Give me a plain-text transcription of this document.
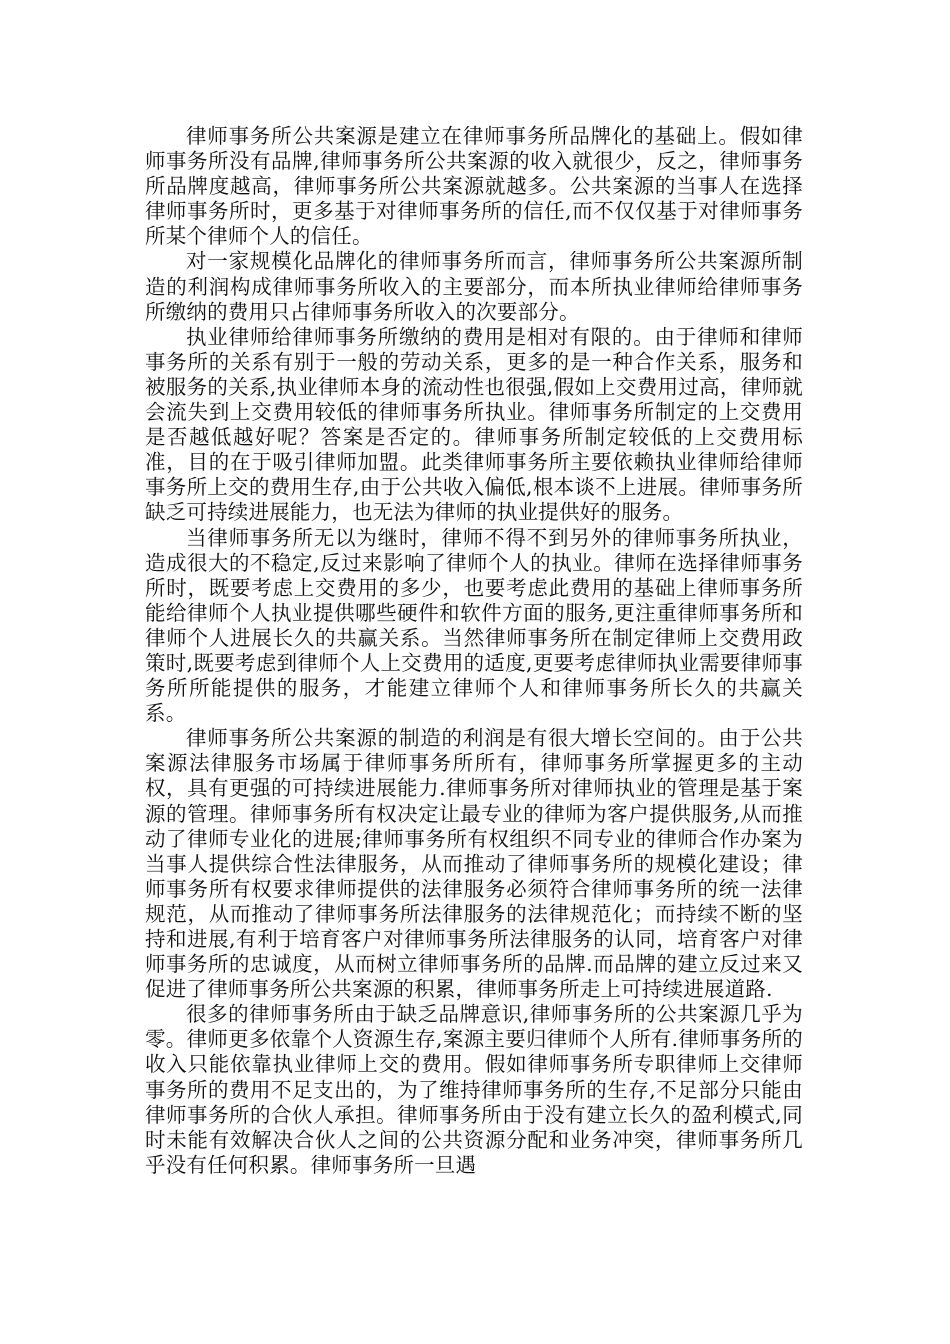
律师事务所公共案源是建立在律师事务所品牌化的基础上。假如律师事务所没有品牌,律师事务所公共案源的收入就很少，反之，律师事务所品牌度越高，律师事务所公共案源就越多。公共案源的当事人在选择律师事务所时，更多基于对律师事务所的信任,而不仅仅基于对律师事务所某个律师个人的信任。

对一家规模化品牌化的律师事务所而言，律师事务所公共案源所制造的利润构成律师事务所收入的主要部分，而本所执业律师给律师事务所缴纳的费用只占律师事务所收入的次要部分。

执业律师给律师事务所缴纳的费用是相对有限的。由于律师和律师事务所的关系有别于一般的劳动关系，更多的是一种合作关系，服务和被服务的关系,执业律师本身的流动性也很强,假如上交费用过高，律师就会流失到上交费用较低的律师事务所执业。律师事务所制定的上交费用是否越低越好呢？答案是否定的。律师事务所制定较低的上交费用标准，目的在于吸引律师加盟。此类律师事务所主要依赖执业律师给律师事务所上交的费用生存,由于公共收入偏低,根本谈不上进展。律师事务所缺乏可持续进展能力，也无法为律师的执业提供好的服务。

当律师事务所无以为继时，律师不得不到另外的律师事务所执业，造成很大的不稳定,反过来影响了律师个人的执业。律师在选择律师事务所时，既要考虑上交费用的多少，也要考虑此费用的基础上律师事务所能给律师个人执业提供哪些硬件和软件方面的服务,更注重律师事务所和律师个人进展长久的共赢关系。当然律师事务所在制定律师上交费用政策时,既要考虑到律师个人上交费用的适度,更要考虑律师执业需要律师事务所所能提供的服务，才能建立律师个人和律师事务所长久的共赢关系。

律师事务所公共案源的制造的利润是有很大增长空间的。由于公共案源法律服务市场属于律师事务所所有，律师事务所掌握更多的主动权，具有更强的可持续进展能力.律师事务所对律师执业的管理是基于案源的管理。律师事务所有权决定让最专业的律师为客户提供服务,从而推动了律师专业化的进展;律师事务所有权组织不同专业的律师合作办案为当事人提供综合性法律服务，从而推动了律师事务所的规模化建设；律师事务所有权要求律师提供的法律服务必须符合律师事务所的统一法律规范，从而推动了律师事务所法律服务的法律规范化；而持续不断的坚持和进展,有利于培育客户对律师事务所法律服务的认同，培育客户对律师事务所的忠诚度，从而树立律师事务所的品牌.而品牌的建立反过来又促进了律师事务所公共案源的积累，律师事务所走上可持续进展道路.

很多的律师事务所由于缺乏品牌意识,律师事务所的公共案源几乎为零。律师更多依靠个人资源生存,案源主要归律师个人所有.律师事务所的收入只能依靠执业律师上交的费用。假如律师事务所专职律师上交律师事务所的费用不足支出的，为了维持律师事务所的生存,不足部分只能由律师事务所的合伙人承担。律师事务所由于没有建立长久的盈利模式,同时未能有效解决合伙人之间的公共资源分配和业务冲突，律师事务所几乎没有任何积累。律师事务所一旦遇
